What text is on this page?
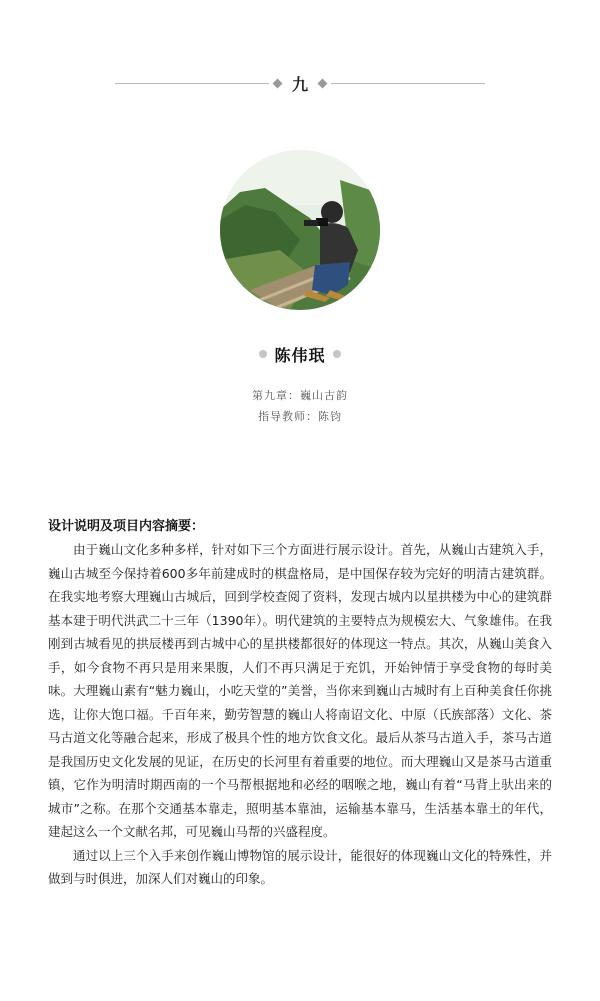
九
陈伟珉
第九章：巍山古韵
指导教师：陈钧
设计说明及项目内容摘要：

由于巍山文化多种多样，针对如下三个方面进行展示设计。首先，从巍山古建筑入手，巍山古城至今保持着600多年前建成时的棋盘格局，是中国保存较为完好的明清古建筑群。在我实地考察大理巍山古城后，回到学校查阅了资料，发现古城内以星拱楼为中心的建筑群基本建于明代洪武二十三年（1390年）。明代建筑的主要特点为规模宏大、气象雄伟。在我刚到古城看见的拱辰楼再到古城中心的星拱楼都很好的体现这一特点。其次，从巍山美食入手，如今食物不再只是用来果腹，人们不再只满足于充饥，开始钟情于享受食物的每时美味。大理巍山素有“魅力巍山，小吃天堂的”美誉，当你来到巍山古城时有上百种美食任你挑选，让你大饱口福。千百年来，勤劳智慧的巍山人将南诏文化、中原（氏族部落）文化、茶马古道文化等融合起来，形成了极具个性的地方饮食文化。最后从茶马古道入手，茶马古道是我国历史文化发展的见证，在历史的长河里有着重要的地位。而大理巍山又是茶马古道重镇，它作为明清时期西南的一个马帮根据地和必经的咽喉之地，巍山有着“马背上驮出来的城市”之称。在那个交通基本靠走，照明基本靠油，运输基本靠马，生活基本靠土的年代，建起这么一个文献名邦，可见巍山马帮的兴盛程度。

通过以上三个入手来创作巍山博物馆的展示设计，能很好的体现巍山文化的特殊性，并做到与时俱进，加深人们对巍山的印象。
